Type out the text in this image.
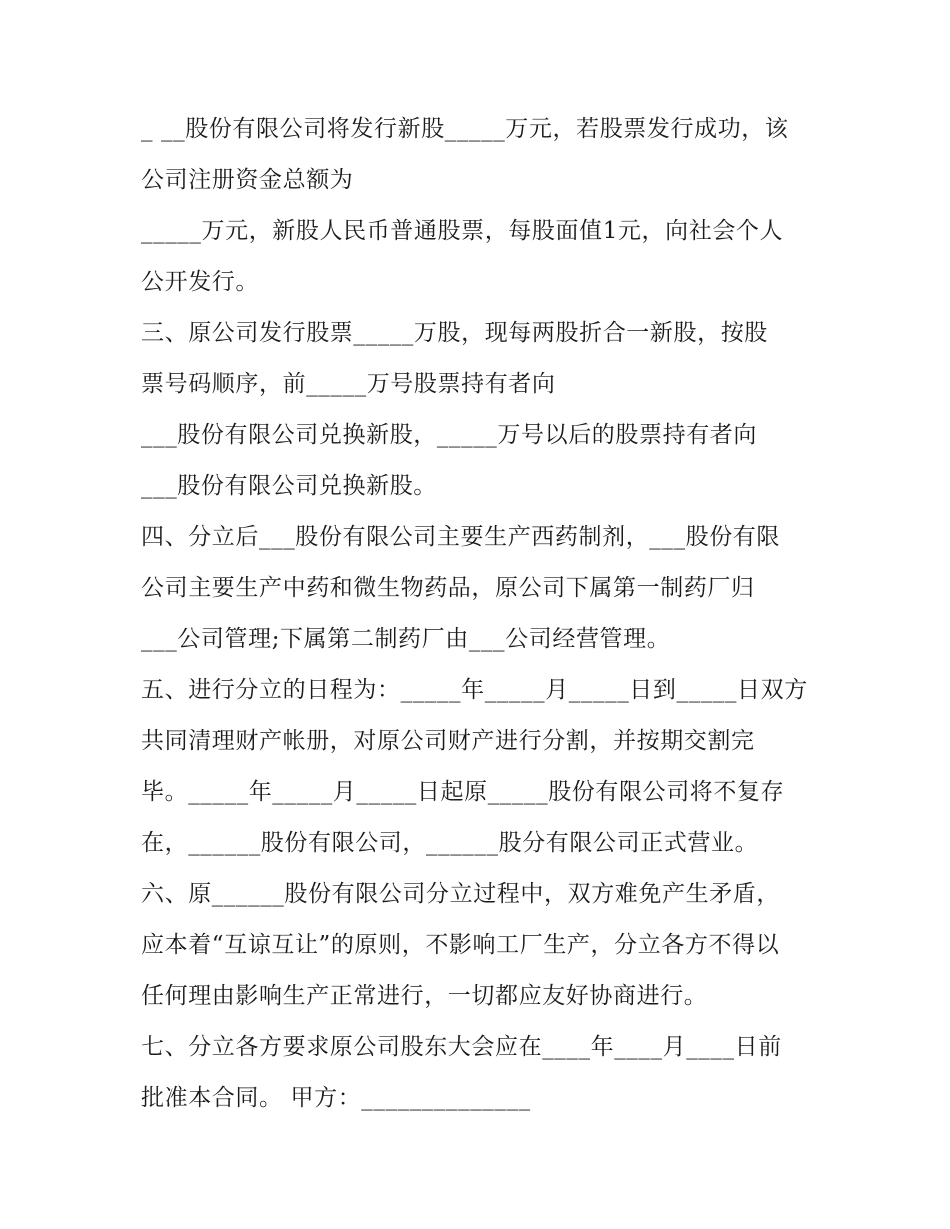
_ __股份有限公司将发行新股_____万元，若股票发行成功，该
公司注册资金总额为
_____万元，新股人民币普通股票，每股面值1元，向社会个人
公开发行。
三、原公司发行股票_____万股，现每两股折合一新股，按股
票号码顺序，前_____万号股票持有者向
___股份有限公司兑换新股，_____万号以后的股票持有者向
___股份有限公司兑换新股。
四、分立后___股份有限公司主要生产西药制剂，___股份有限
公司主要生产中药和微生物药品，原公司下属第一制药厂归
___公司管理;下属第二制药厂由___公司经营管理。
五、进行分立的日程为：_____年_____月_____日到_____日双方
共同清理财产帐册，对原公司财产进行分割，并按期交割完
毕。_____年_____月_____日起原_____股份有限公司将不复存
在，______股份有限公司，______股分有限公司正式营业。
六、原______股份有限公司分立过程中，双方难免产生矛盾，
应本着“互谅互让”的原则，不影响工厂生产，分立各方不得以
任何理由影响生产正常进行，一切都应友好协商进行。
七、分立各方要求原公司股东大会应在____年____月____日前
批准本合同。 甲方：______________
